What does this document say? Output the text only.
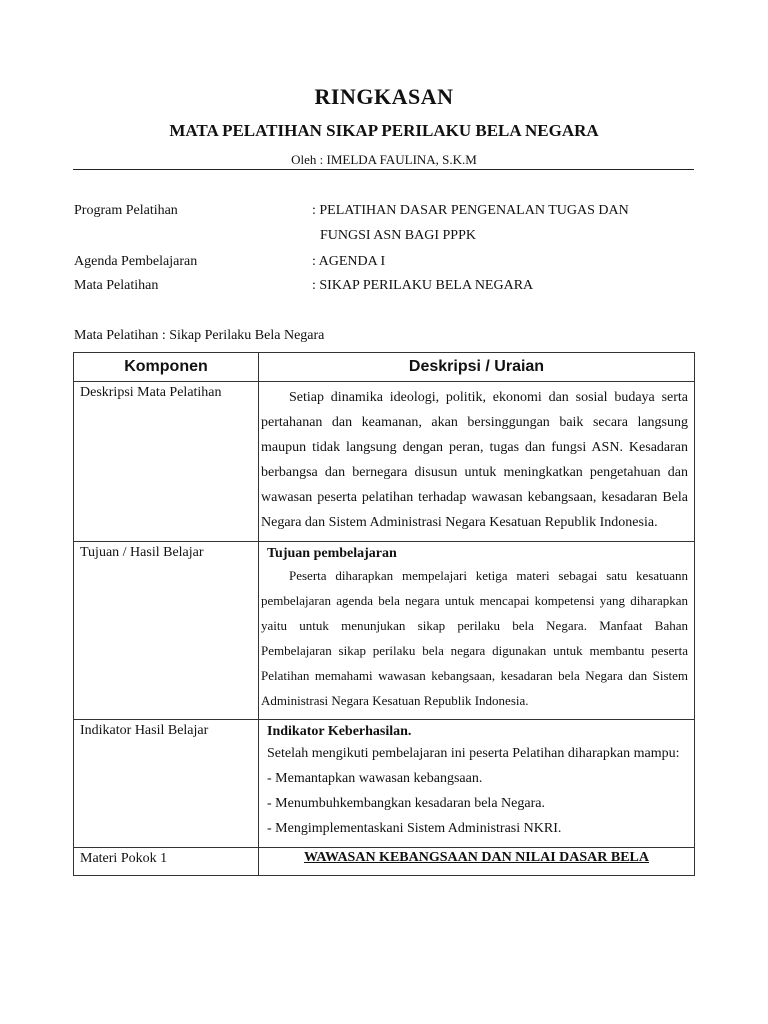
RINGKASAN
MATA PELATIHAN SIKAP PERILAKU BELA NEGARA
Oleh : IMELDA FAULINA, S.K.M
Program Pelatihan	: PELATIHAN DASAR PENGENALAN TUGAS DAN
FUNGSI ASN BAGI PPPK
Agenda Pembelajaran	: AGENDA I
Mata Pelatihan	: SIKAP PERILAKU BELA NEGARA
Mata Pelatihan : Sikap Perilaku Bela Negara
Komponen	Deskripsi / Uraian
Deskripsi Mata Pelatihan	Setiap dinamika ideologi, politik, ekonomi dan sosial budaya serta pertahanan dan keamanan, akan bersinggungan baik secara langsung maupun tidak langsung dengan peran, tugas dan fungsi ASN. Kesadaran berbangsa dan bernegara disusun untuk meningkatkan pengetahuan dan wawasan peserta pelatihan terhadap wawasan kebangsaan, kesadaran Bela Negara dan Sistem Administrasi Negara Kesatuan Republik Indonesia.

Tujuan / Hasil Belajar	Tujuan pembelajaran
Peserta diharapkan mempelajari ketiga materi sebagai satu kesatuann pembelajaran agenda bela negara untuk mencapai kompetensi yang diharapkan yaitu untuk menunjukan sikap perilaku bela Negara. Manfaat Bahan Pembelajaran sikap perilaku bela negara digunakan untuk membantu peserta Pelatihan memahami wawasan kebangsaan, kesadaran bela Negara dan Sistem Administrasi Negara Kesatuan Republik Indonesia.

Indikator Hasil Belajar	Indikator Keberhasilan.
Setelah mengikuti pembelajaran ini peserta Pelatihan diharapkan mampu:
- Memantapkan wawasan kebangsaan.
- Menumbuhkembangkan kesadaran bela Negara.
- Mengimplementaskani Sistem Administrasi NKRI.

Materi Pokok 1	WAWASAN KEBANGSAAN DAN NILAI DASAR BELA
